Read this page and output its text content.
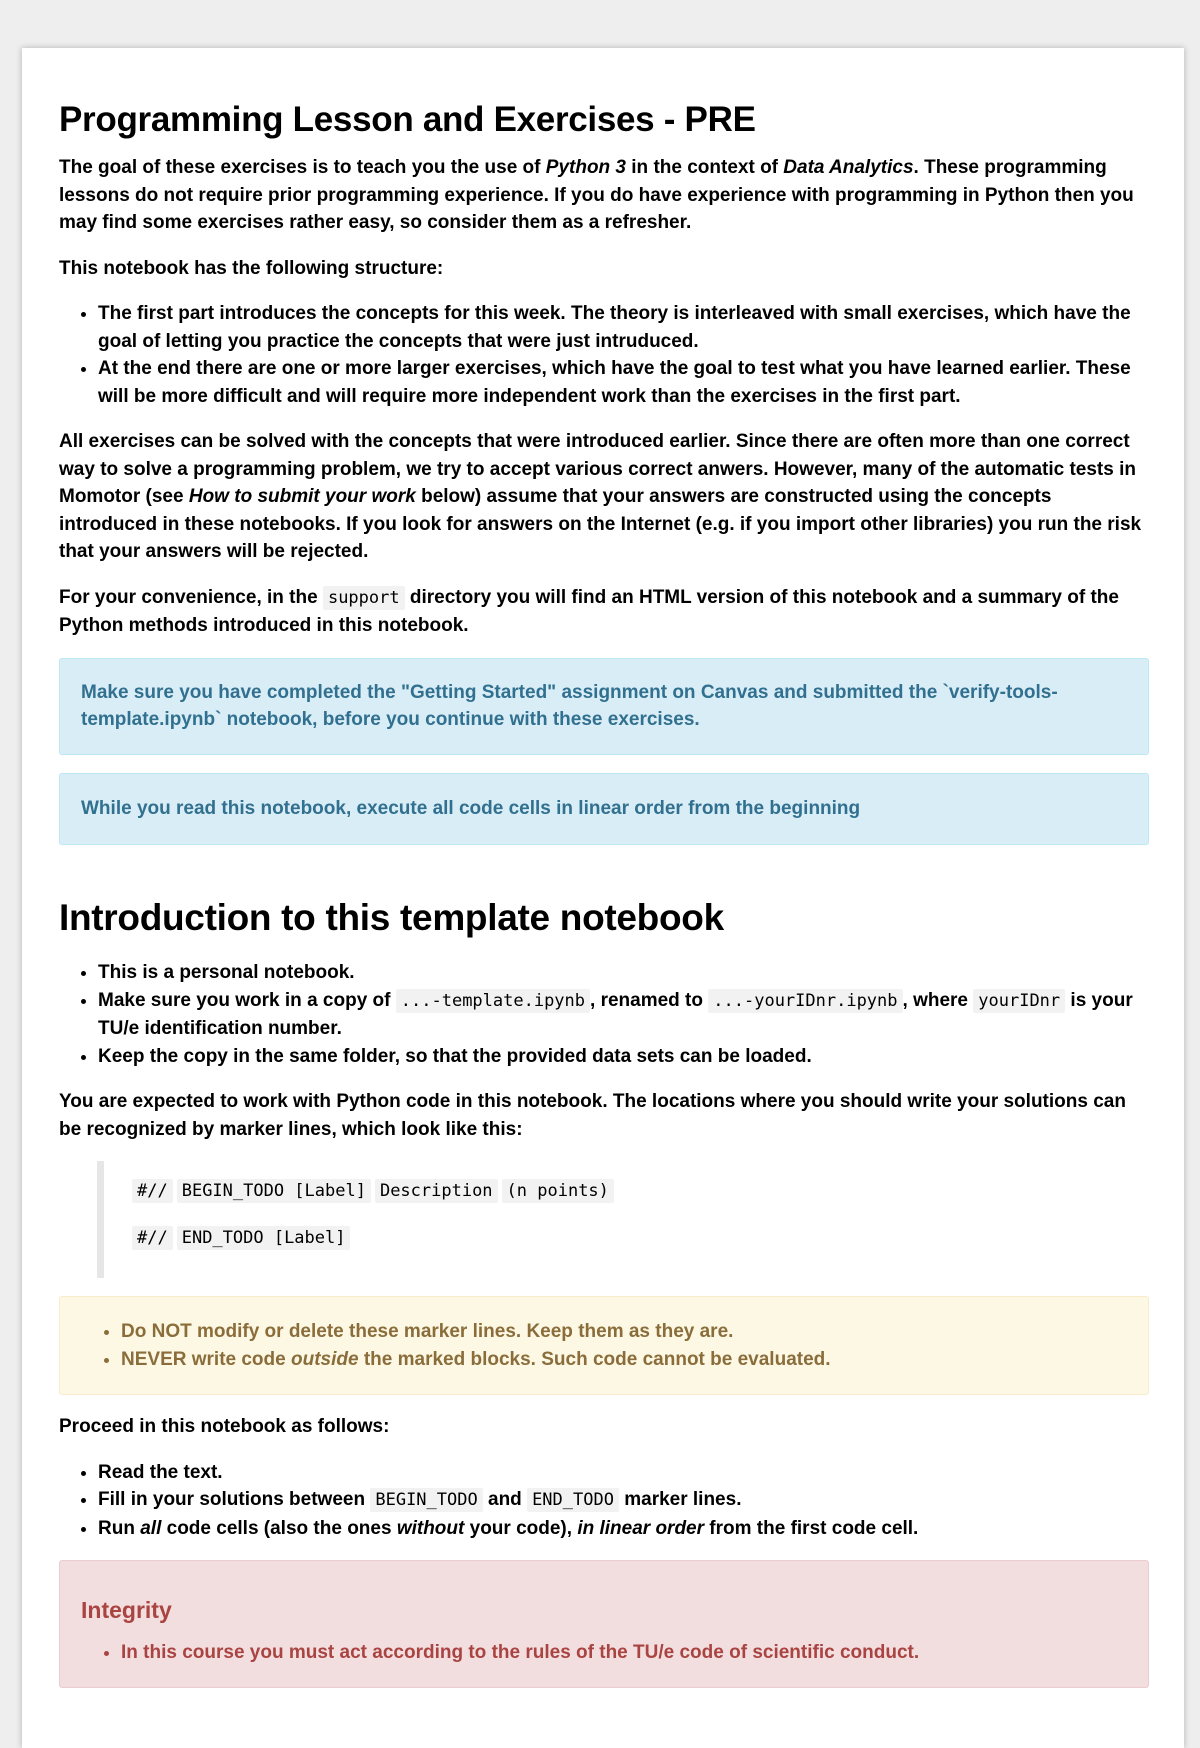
Programming Lesson and Exercises - PRE

The goal of these exercises is to teach you the use of Python 3 in the context of Data Analytics. These programming lessons do not require prior programming experience. If you do have experience with programming in Python then you may find some exercises rather easy, so consider them as a refresher.

This notebook has the following structure:

• The first part introduces the concepts for this week. The theory is interleaved with small exercises, which have the goal of letting you practice the concepts that were just intruduced.
• At the end there are one or more larger exercises, which have the goal to test what you have learned earlier. These will be more difficult and will require more independent work than the exercises in the first part.

All exercises can be solved with the concepts that were introduced earlier. Since there are often more than one correct way to solve a programming problem, we try to accept various correct anwers. However, many of the automatic tests in Momotor (see How to submit your work below) assume that your answers are constructed using the concepts introduced in these notebooks. If you look for answers on the Internet (e.g. if you import other libraries) you run the risk that your answers will be rejected.

For your convenience, in the support directory you will find an HTML version of this notebook and a summary of the Python methods introduced in this notebook.

Make sure you have completed the "Getting Started" assignment on Canvas and submitted the `verify-tools-template.ipynb` notebook, before you continue with these exercises.

While you read this notebook, execute all code cells in linear order from the beginning

Introduction to this template notebook
• This is a personal notebook.
• Make sure you work in a copy of ...-template.ipynb , renamed to ...-yourIDnr.ipynb , where yourIDnr is your TU/e identification number.
• Keep the copy in the same folder, so that the provided data sets can be loaded.

You are expected to work with Python code in this notebook. The locations where you should write your solutions can be recognized by marker lines, which look like this:

#// BEGIN_TODO [Label] Description (n points)

#// END_TODO [Label]

• Do NOT modify or delete these marker lines. Keep them as they are.
• NEVER write code outside the marked blocks. Such code cannot be evaluated.

Proceed in this notebook as follows:

• Read the text.
• Fill in your solutions between BEGIN_TODO and END_TODO marker lines.
• Run all code cells (also the ones without your code), in linear order from the first code cell.
Integrity
• In this course you must act according to the rules of the TU/e code of scientific conduct.
